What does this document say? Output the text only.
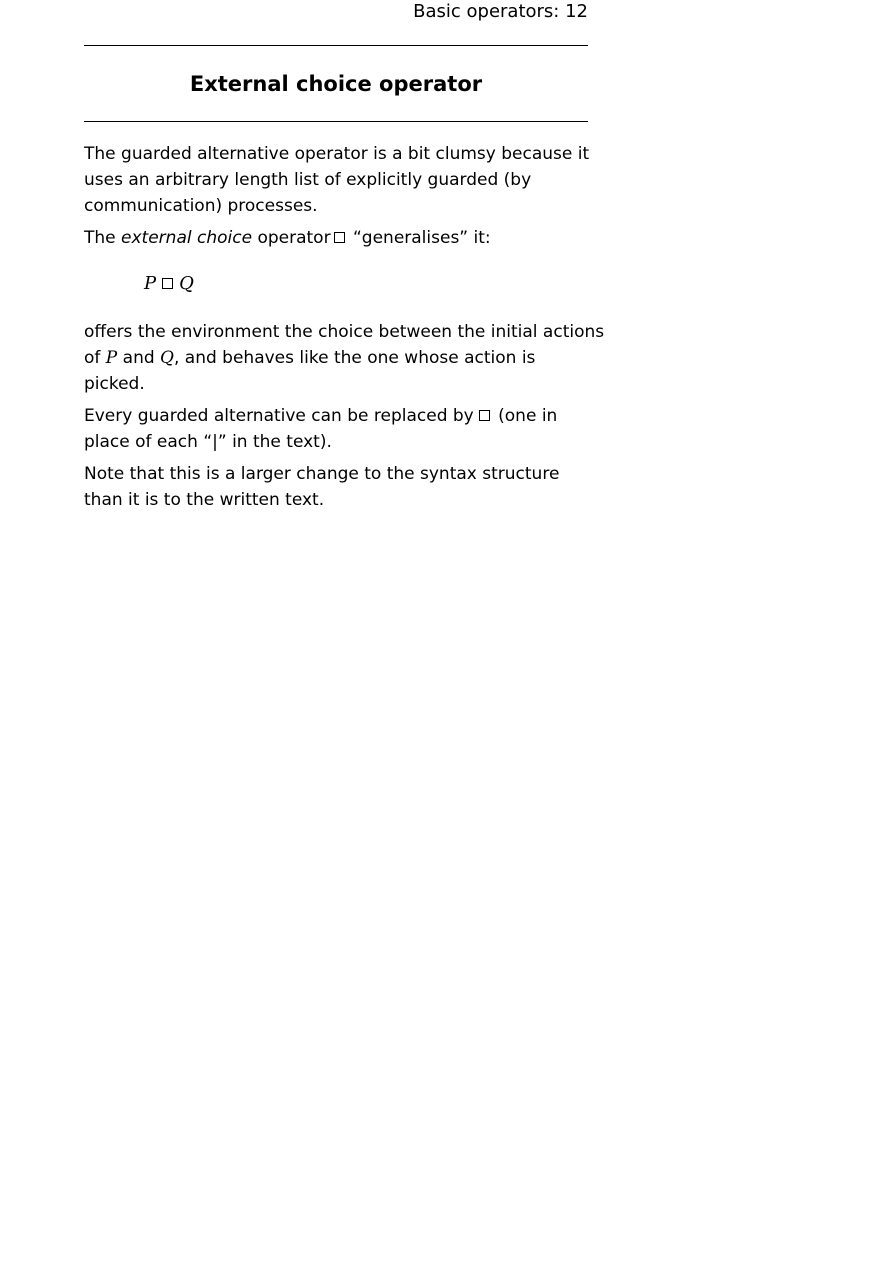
Basic operators: 12
External choice operator

The guarded alternative operator is a bit clumsy because it
uses an arbitrary length list of explicitly guarded (by
communication) processes.

The external choice operator “generalises” it:

P Q

offers the environment the choice between the initial actions
of P and Q, and behaves like the one whose action is
picked.

Every guarded alternative can be replaced by (one in
place of each “|” in the text).

Note that this is a larger change to the syntax structure
than it is to the written text.
